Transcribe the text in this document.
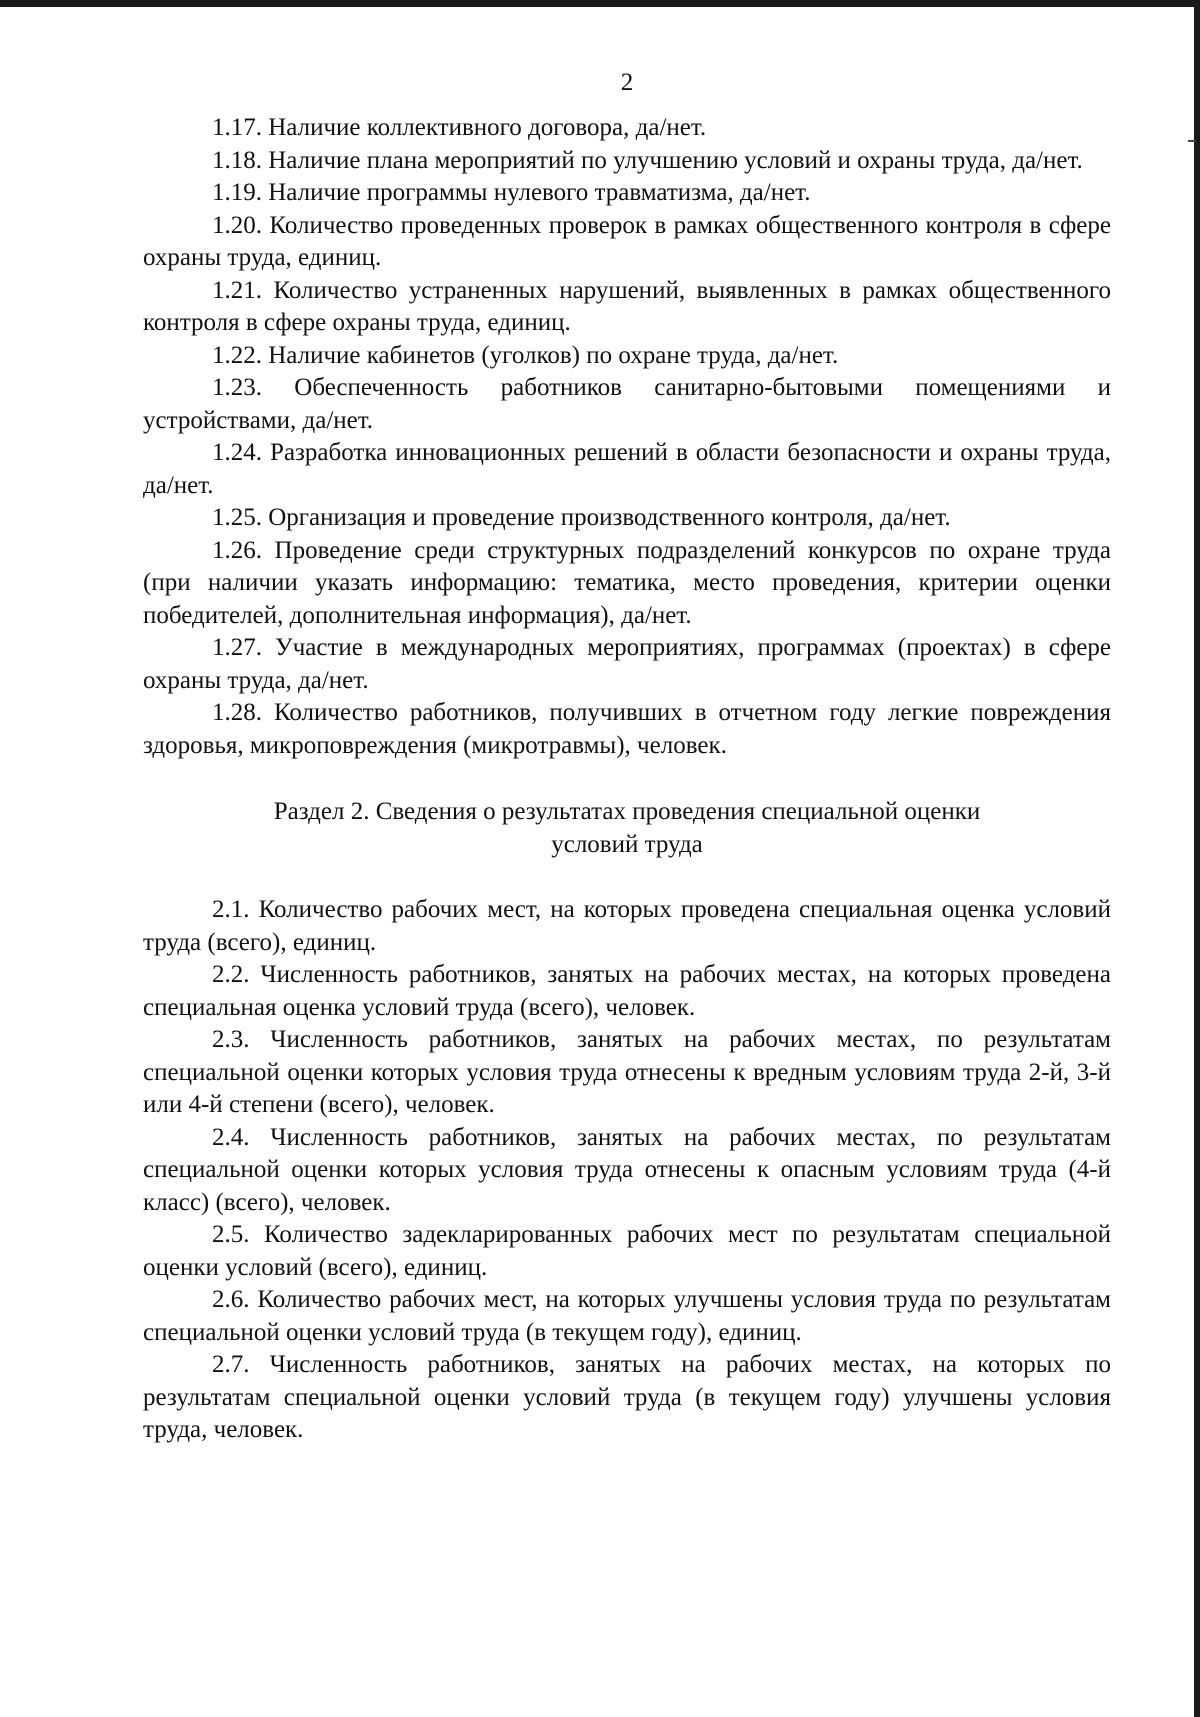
2

1.17. Наличие коллективного договора, да/нет.

1.18. Наличие плана мероприятий по улучшению условий и охраны труда, да/нет.

1.19. Наличие программы нулевого травматизма, да/нет.

1.20. Количество проведенных проверок в рамках общественного контроля в сфере охраны труда, единиц.

1.21. Количество устраненных нарушений, выявленных в рамках общественного контроля в сфере охраны труда, единиц.

1.22. Наличие кабинетов (уголков) по охране труда, да/нет.

1.23. Обеспеченность работников санитарно-бытовыми помещениями и устройствами, да/нет.

1.24. Разработка инновационных решений в области безопасности и охраны труда, да/нет.

1.25. Организация и проведение производственного контроля, да/нет.

1.26. Проведение среди структурных подразделений конкурсов по охране труда (при наличии указать информацию: тематика, место проведения, критерии оценки победителей, дополнительная информация), да/нет.

1.27. Участие в международных мероприятиях, программах (проектах) в сфере охраны труда, да/нет.

1.28. Количество работников, получивших в отчетном году легкие повреждения здоровья, микроповреждения (микротравмы), человек.

Раздел 2. Сведения о результатах проведения специальной оценки
условий труда

2.1. Количество рабочих мест, на которых проведена специальная оценка условий труда (всего), единиц.

2.2. Численность работников, занятых на рабочих местах, на которых проведена специальная оценка условий труда (всего), человек.

2.3. Численность работников, занятых на рабочих местах, по результатам специальной оценки которых условия труда отнесены к вредным условиям труда 2-й, 3-й или 4-й степени (всего), человек.

2.4. Численность работников, занятых на рабочих местах, по результатам специальной оценки которых условия труда отнесены к опасным условиям труда (4-й класс) (всего), человек.

2.5. Количество задекларированных рабочих мест по результатам специальной оценки условий (всего), единиц.

2.6. Количество рабочих мест, на которых улучшены условия труда по результатам специальной оценки условий труда (в текущем году), единиц.

2.7. Численность работников, занятых на рабочих местах, на которых по результатам специальной оценки условий труда (в текущем году) улучшены условия труда, человек.
